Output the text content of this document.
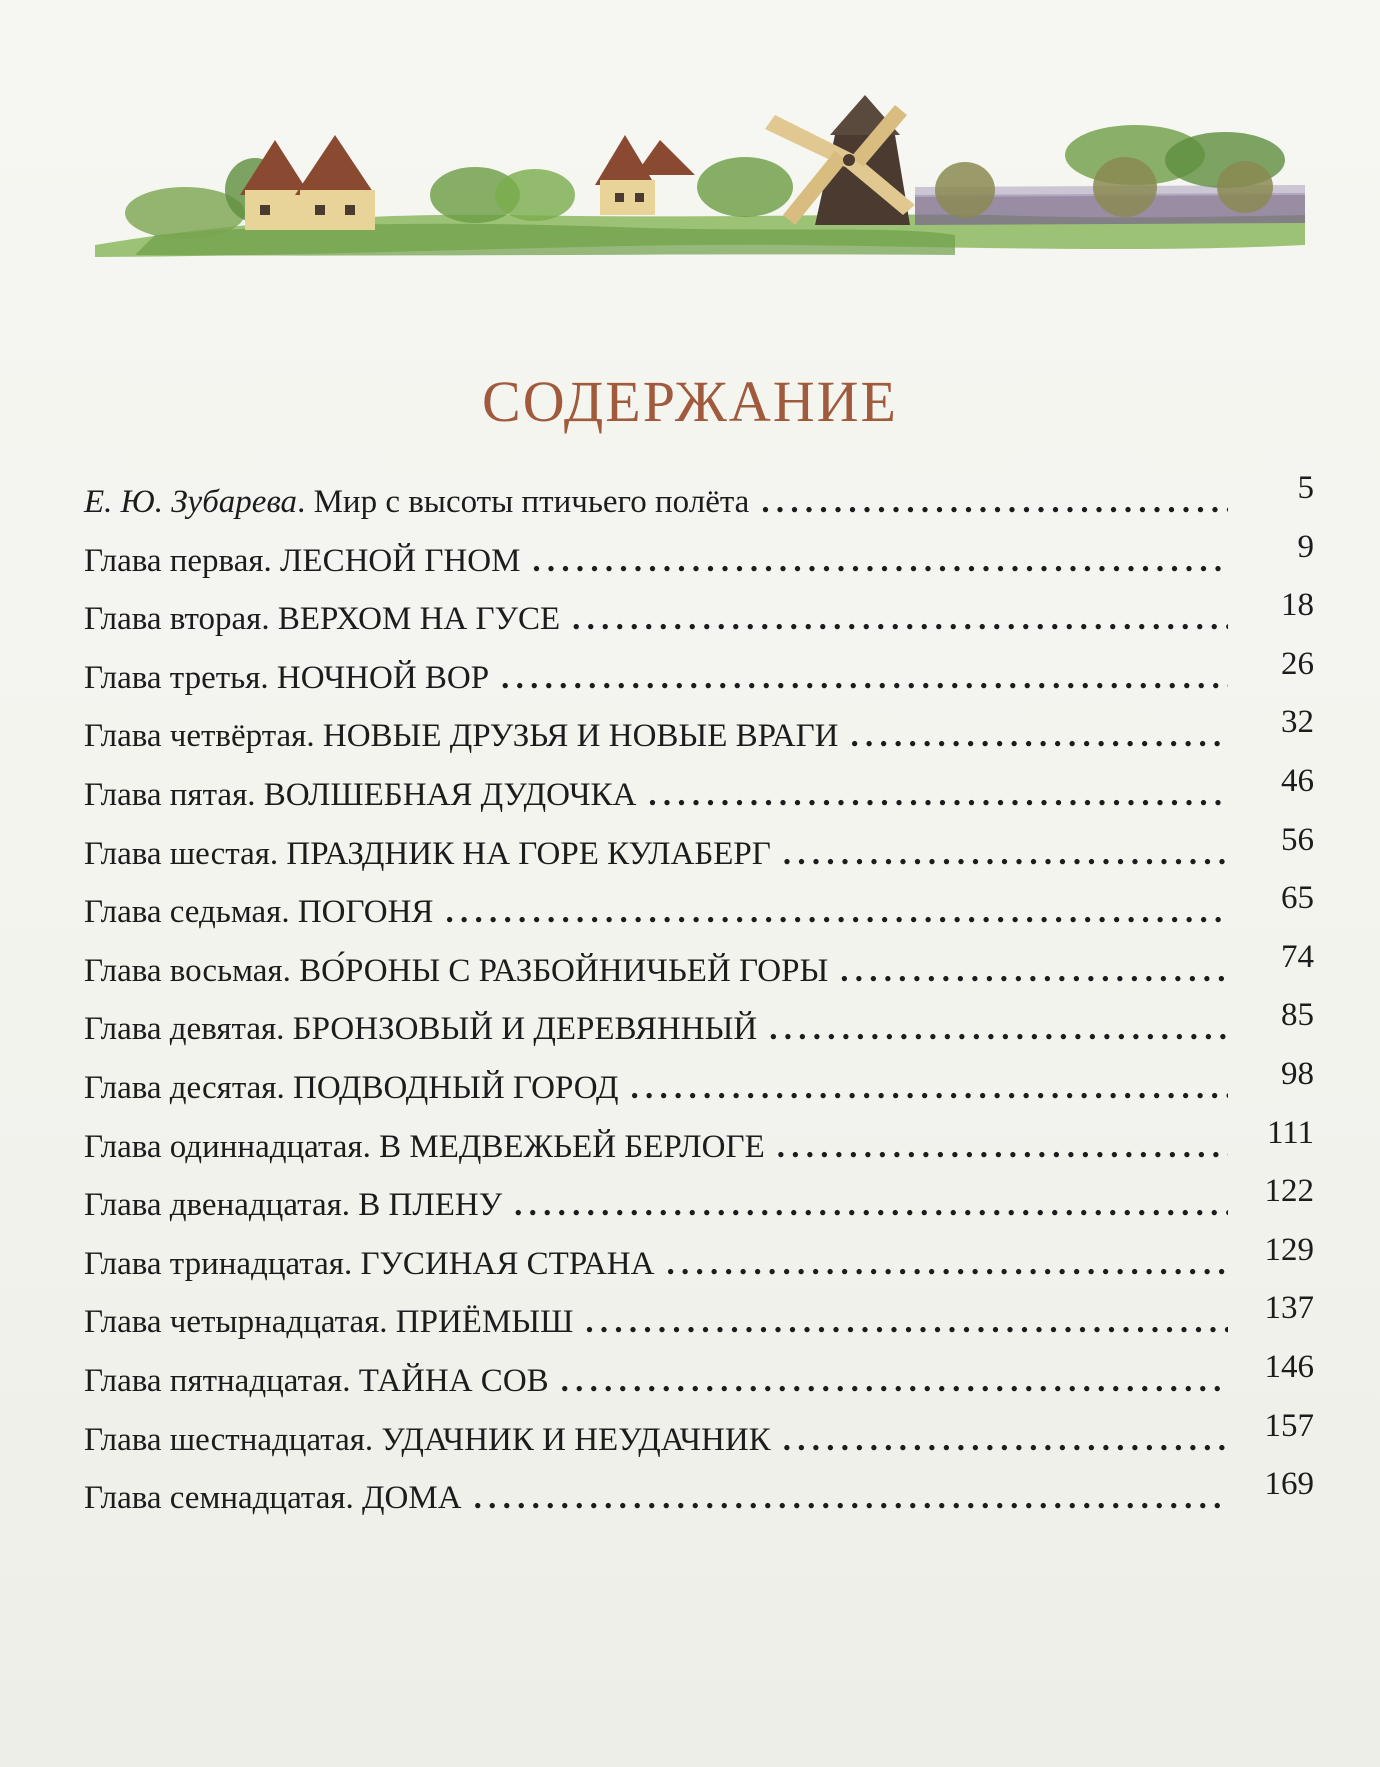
СОДЕРЖАНИЕ
Е. Ю. Зубарева. Мир с высоты птичьего полёта . . .	5
Глава первая. ЛЕСНОЙ ГНОМ . . .	9
Глава вторая. ВЕРХОМ НА ГУСЕ . . .	18
Глава третья. НОЧНОЙ ВОР . . .	26
Глава четвёртая. НОВЫЕ ДРУЗЬЯ И НОВЫЕ ВРАГИ . . .	32
Глава пятая. ВОЛШЕБНАЯ ДУДОЧКА . . .	46
Глава шестая. ПРАЗДНИК НА ГОРЕ КУЛАБЕРГ . . .	56
Глава седьмая. ПОГОНЯ . . .	65
Глава восьмая. ВО́РОНЫ С РАЗБОЙНИЧЬЕЙ ГОРЫ . . .	74
Глава девятая. БРОНЗОВЫЙ И ДЕРЕВЯННЫЙ . . .	85
Глава десятая. ПОДВОДНЫЙ ГОРОД . . .	98
Глава одиннадцатая. В МЕДВЕЖЬЕЙ БЕРЛОГЕ . . .	111
Глава двенадцатая. В ПЛЕНУ . . .	122
Глава тринадцатая. ГУСИНАЯ СТРАНА . . .	129
Глава четырнадцатая. ПРИЁМЫШ . . .	137
Глава пятнадцатая. ТАЙНА СОВ . . .	146
Глава шестнадцатая. УДАЧНИК И НЕУДАЧНИК . . .	157
Глава семнадцатая. ДОМА . . .	169
